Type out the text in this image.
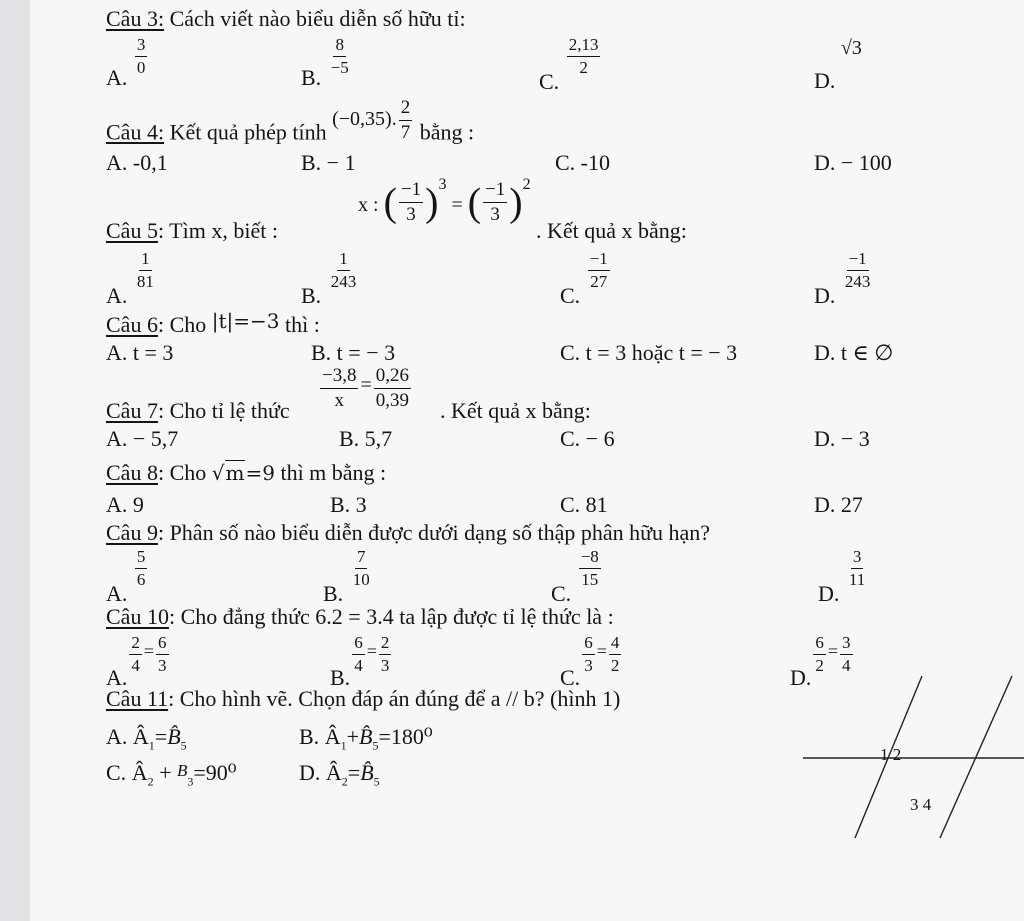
Câu 3: Cách viết nào biểu diễn số hữu tỉ:
A.
$\frac{3}{0}$
B.
$\frac{8}{-5}$
C.
$\frac{2,13}{2}$
D. √3
Câu 4: Kết quả phép tính (−0,35). $\frac{2}{7}$ bằng :
A. -0,1	B. − 1	C. -10	D. − 100
Câu 5: Tìm x, biết :
x : ( $\frac{-1}{3} )^3$ = ( $\frac{-1}{3} )^2$
. Kết quả x bằng:
A.
$\frac{1}{81}$
B.
$\frac{1}{243}$
C.
$\frac{-1}{27}$
D.
$\frac{-1}{243}$
Câu 6: Cho |t|=−3 thì :
A. t = 3	B. t = − 3	C. t = 3 hoặc t = − 3	D. t ∈ ∅
Câu 7: Cho tỉ lệ thức $\frac{-3,8}{x} = \frac{0,26}{0,39}$ . Kết quả x bằng:
A. − 5,7	B. 5,7	C. − 6	D. − 3
Câu 8: Cho √m=9 thì m bằng :
A. 9	B. 3	C. 81	D. 27
Câu 9: Phân số nào biểu diễn được dưới dạng số thập phân hữu hạn?
A.
$\frac{5}{6}$
B.
$\frac{7}{10}$
C.
$\frac{-8}{15}$
D.
$\frac{3}{11}$
Câu 10: Cho đẳng thức 6.2 = 3.4 ta lập được tỉ lệ thức là :
A.
$\frac{2}{4} = \frac{6}{3}$
B.
$\frac{6}{4} = \frac{2}{3}$
C.
$\frac{6}{3} = \frac{4}{2}$
D.
$\frac{6}{2} = \frac{3}{4}$
Câu 11: Cho hình vẽ. Chọn đáp án đúng để a // b? (hình 1)
A. $Â_1=B̂_5$	B. $Â_1+B̂_5=180^0$
C. $Â_2 + B_3=90^0$	D. $Â_2=B̂_5$
1 2
3 4
